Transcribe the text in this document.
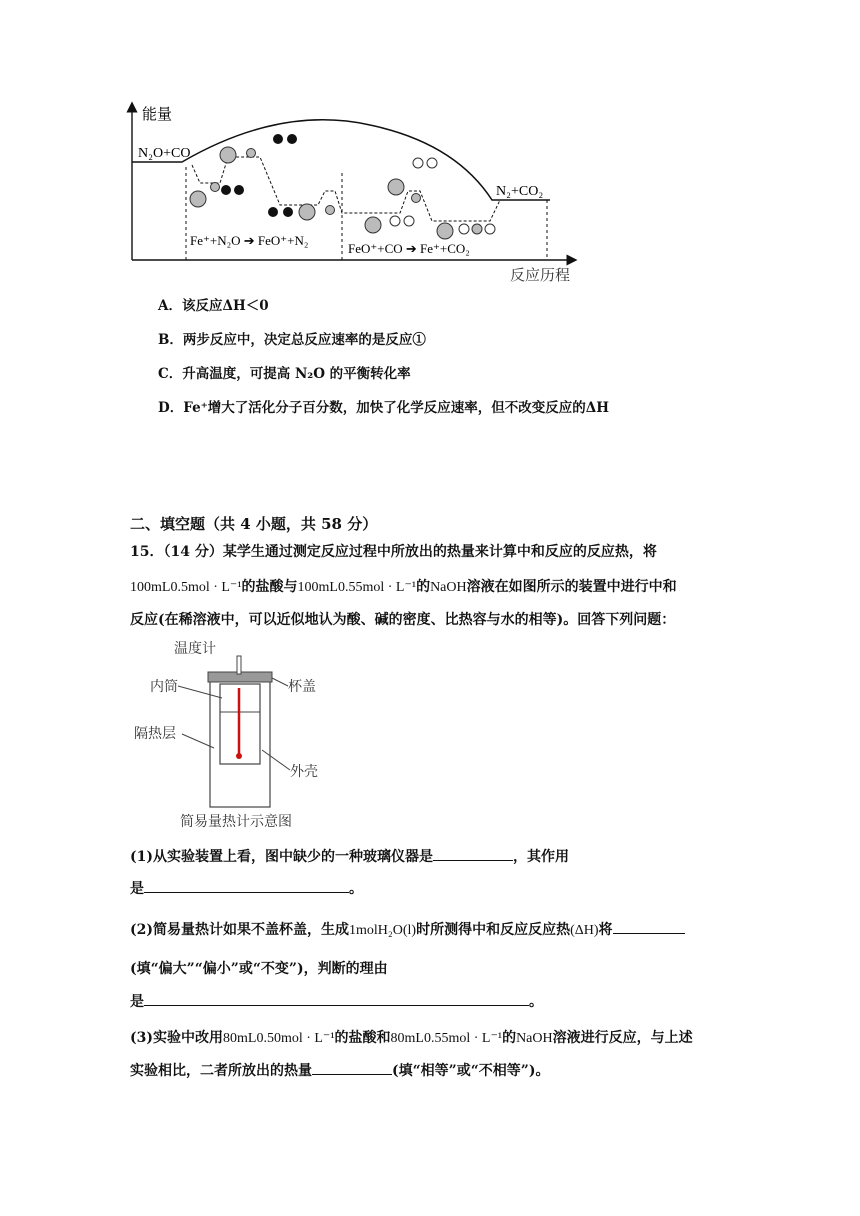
能量
反应历程
N₂O+CO
N₂+CO₂
Fe⁺+N₂O ➔ FeO⁺+N₂
FeO⁺+CO ➔ Fe⁺+CO₂
A．该反应ΔH＜0
B．两步反应中，决定总反应速率的是反应①
C．升高温度，可提高 N₂O 的平衡转化率
D．Fe⁺增大了活化分子百分数，加快了化学反应速率，但不改变反应的ΔH
二、填空题（共 4 小题，共 58 分）
15．（14 分）某学生通过测定反应过程中所放出的热量来计算中和反应的反应热，将
100mL0.5mol · L⁻¹的盐酸与100mL0.55mol · L⁻¹的NaOH溶液在如图所示的装置中进行中和
反应(在稀溶液中，可以近似地认为酸、碱的密度、比热容与水的相等)。回答下列问题：
温度计
内筒	杯盖
隔热层
外壳
简易量热计示意图
(1)从实验装置上看，图中缺少的一种玻璃仪器是	，其作用
是	。
(2)简易量热计如果不盖杯盖，生成1molH₂O(l)时所测得中和反应反应热(ΔH)将
(填“偏大”“偏小”或“不变”)，判断的理由
是	。
(3)实验中改用80mL0.50mol · L⁻¹的盐酸和80mL0.55mol · L⁻¹的NaOH溶液进行反应，与上述
实验相比，二者所放出的热量	(填“相等”或“不相等”)。
